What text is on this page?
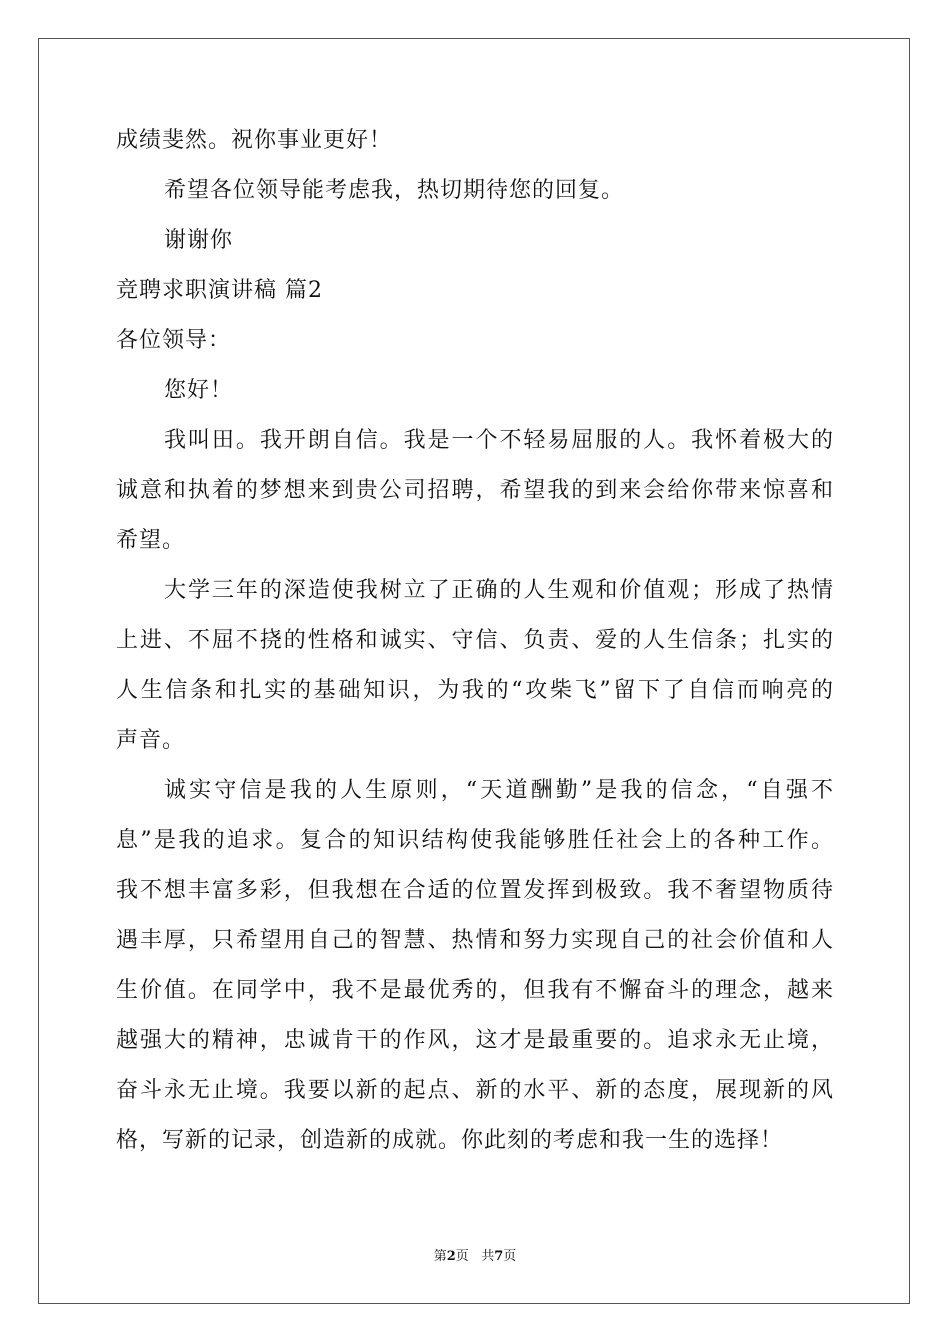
成绩斐然。祝你事业更好！
希望各位领导能考虑我，热切期待您的回复。
谢谢你
竞聘求职演讲稿 篇2
各位领导：
您好！
我叫田。我开朗自信。我是一个不轻易屈服的人。我怀着极大的
诚意和执着的梦想来到贵公司招聘，希望我的到来会给你带来惊喜和
希望。
大学三年的深造使我树立了正确的人生观和价值观；形成了热情
上进、不屈不挠的性格和诚实、守信、负责、爱的人生信条；扎实的
人生信条和扎实的基础知识，为我的“攻柴飞”留下了自信而响亮的
声音。
诚实守信是我的人生原则，“天道酬勤”是我的信念，“自强不
息”是我的追求。复合的知识结构使我能够胜任社会上的各种工作。
我不想丰富多彩，但我想在合适的位置发挥到极致。我不奢望物质待
遇丰厚，只希望用自己的智慧、热情和努力实现自己的社会价值和人
生价值。在同学中，我不是最优秀的，但我有不懈奋斗的理念，越来
越强大的精神，忠诚肯干的作风，这才是最重要的。追求永无止境，
奋斗永无止境。我要以新的起点、新的水平、新的态度，展现新的风
格，写新的记录，创造新的成就。你此刻的考虑和我一生的选择！
第2页 共7页
